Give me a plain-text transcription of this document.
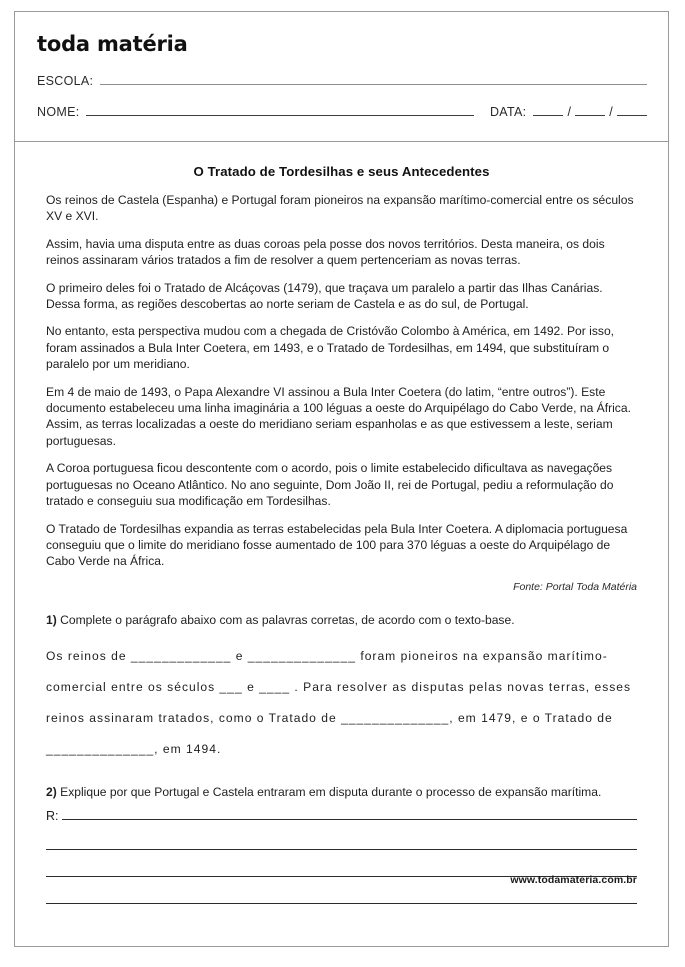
toda matéria
ESCOLA:
NOME:	DATA:	/	/
O Tratado de Tordesilhas e seus Antecedentes

Os reinos de Castela (Espanha) e Portugal foram pioneiros na expansão marítimo-comercial entre os séculos XV e XVI.

Assim, havia uma disputa entre as duas coroas pela posse dos novos territórios. Desta maneira, os dois reinos assinaram vários tratados a fim de resolver a quem pertenceriam as novas terras.

O primeiro deles foi o Tratado de Alcáçovas (1479), que traçava um paralelo a partir das Ilhas Canárias. Dessa forma, as regiões descobertas ao norte seriam de Castela e as do sul, de Portugal.

No entanto, esta perspectiva mudou com a chegada de Cristóvão Colombo à América, em 1492. Por isso, foram assinados a Bula Inter Coetera, em 1493, e o Tratado de Tordesilhas, em 1494, que substituíram o paralelo por um meridiano.

Em 4 de maio de 1493, o Papa Alexandre VI assinou a Bula Inter Coetera (do latim, “entre outros”). Este documento estabeleceu uma linha imaginária a 100 léguas a oeste do Arquipélago do Cabo Verde, na África. Assim, as terras localizadas a oeste do meridiano seriam espanholas e as que estivessem a leste, seriam portuguesas.

A Coroa portuguesa ficou descontente com o acordo, pois o limite estabelecido dificultava as navegações portuguesas no Oceano Atlântico. No ano seguinte, Dom João II, rei de Portugal, pediu a reformulação do tratado e conseguiu sua modificação em Tordesilhas.

O Tratado de Tordesilhas expandia as terras estabelecidas pela Bula Inter Coetera. A diplomacia portuguesa conseguiu que o limite do meridiano fosse aumentado de 100 para 370 léguas a oeste do Arquipélago de Cabo Verde na África.

Fonte: Portal Toda Matéria

1) Complete o parágrafo abaixo com as palavras corretas, de acordo com o texto-base.

Os reinos de _____________ e ______________ foram pioneiros na expansão marítimo-comercial entre os séculos ___ e ____ . Para resolver as disputas pelas novas terras, esses reinos assinaram tratados, como o Tratado de ______________, em 1479, e o Tratado de ______________, em 1494.

2) Explique por que Portugal e Castela entraram em disputa durante o processo de expansão marítima.

R:
www.todamateria.com.br
